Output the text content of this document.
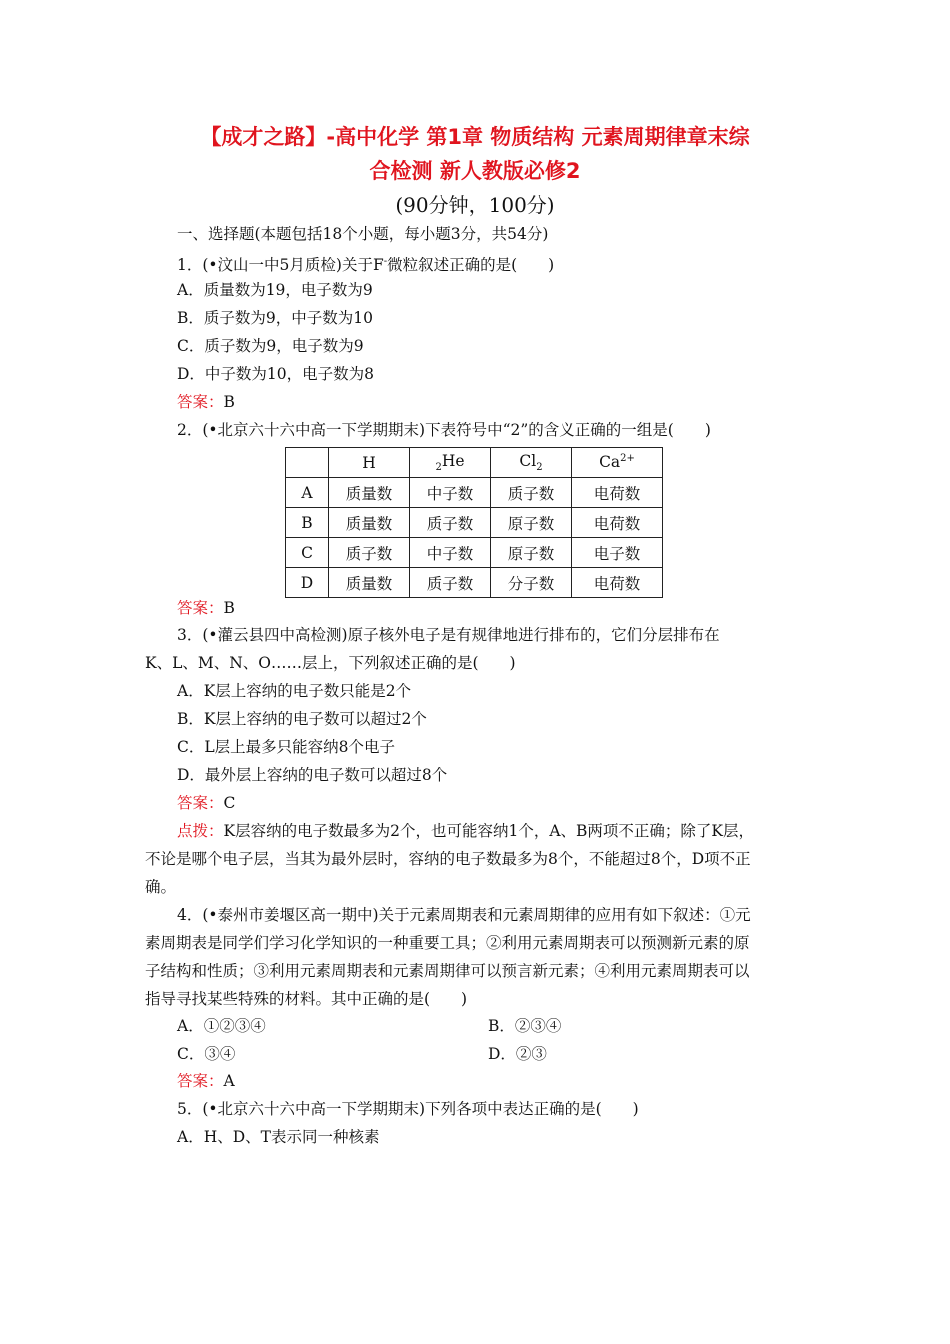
【成才之路】-高中化学 第1章 物质结构 元素周期律章末综
合检测 新人教版必修2
(90分钟，100分)
一、选择题(本题包括18个小题，每小题3分，共54分)
1．(•汶山一中5月质检)关于F-微粒叙述正确的是(　　)
A．质量数为19，电子数为9
B．质子数为9，中子数为10
C．质子数为9，电子数为9
D．中子数为10，电子数为8
答案：B
2．(•北京六十六中高一下学期期末)下表符号中“2”的含义正确的一组是(　　)
	H	$_2$He	$Cl_2$	$Ca^{2+}$
A	质量数	中子数	质子数	电荷数
B	质量数	质子数	原子数	电荷数
C	质子数	中子数	原子数	电子数
D	质量数	质子数	分子数	电荷数
答案：B
3．(•灌云县四中高检测)原子核外电子是有规律地进行排布的，它们分层排布在
K、L、M、N、O……层上，下列叙述正确的是(　　)
A．K层上容纳的电子数只能是2个
B．K层上容纳的电子数可以超过2个
C．L层上最多只能容纳8个电子
D．最外层上容纳的电子数可以超过8个
答案：C
点拨：K层容纳的电子数最多为2个，也可能容纳1个，A、B两项不正确；除了K层，
不论是哪个电子层，当其为最外层时，容纳的电子数最多为8个，不能超过8个，D项不正
确。
4．(•泰州市姜堰区高一期中)关于元素周期表和元素周期律的应用有如下叙述：①元
素周期表是同学们学习化学知识的一种重要工具；②利用元素周期表可以预测新元素的原
子结构和性质；③利用元素周期表和元素周期律可以预言新元素；④利用元素周期表可以
指导寻找某些特殊的材料。其中正确的是(　　)
A．①②③④	B．②③④
C．③④	D．②③
答案：A
5．(•北京六十六中高一下学期期末)下列各项中表达正确的是(　　)
A．H、D、T表示同一种核素
